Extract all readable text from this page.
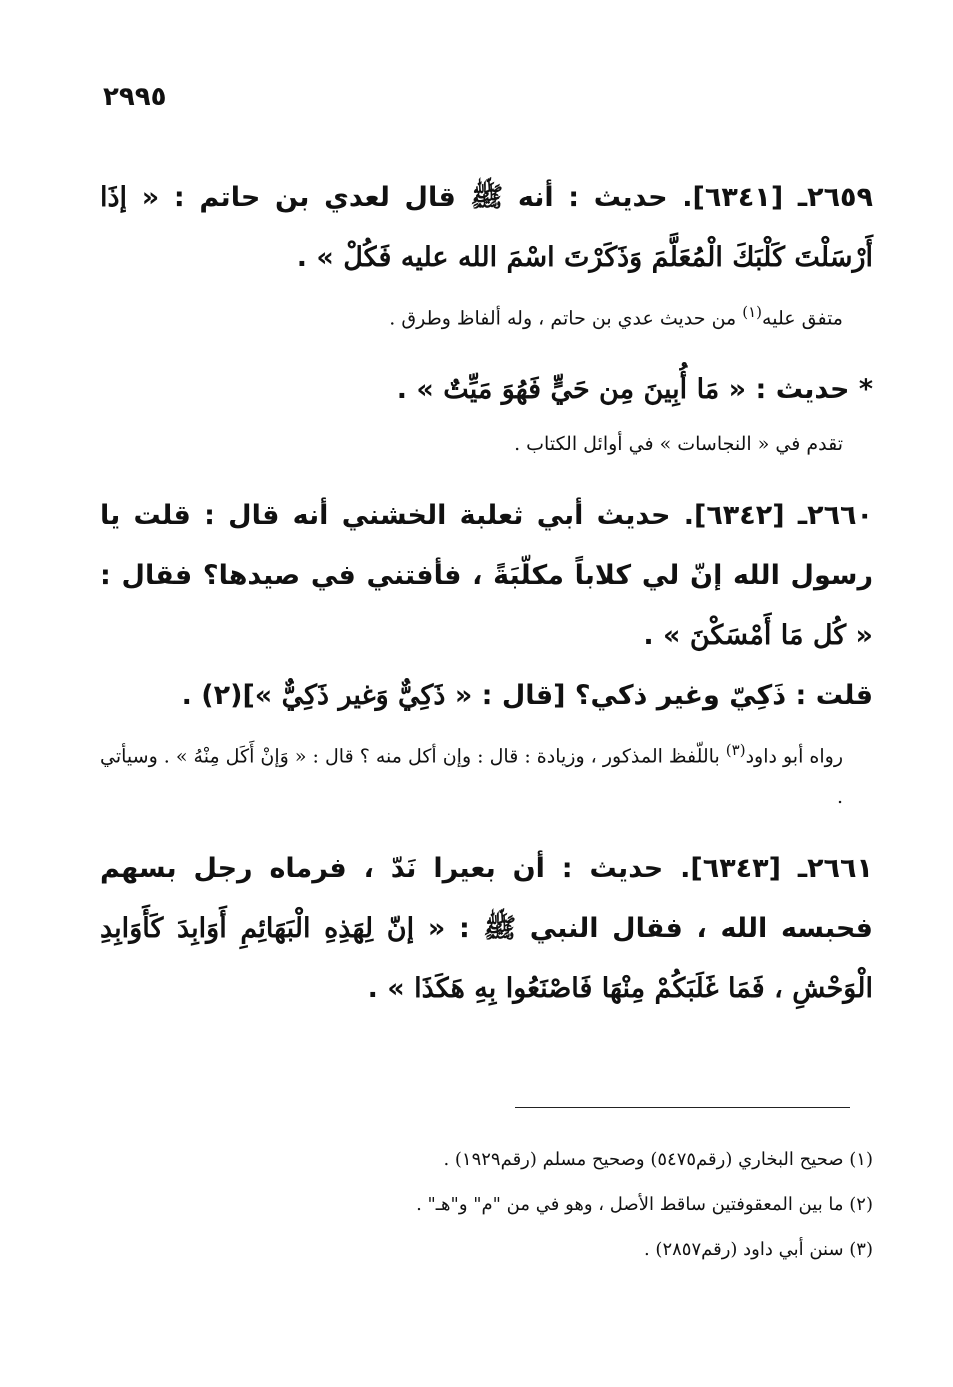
٢٩٩٥

٢٦٥٩ـ [٦٣٤١]. حديث : أنه ﷺ قال لعدي بن حاتم : « إذَا أَرْسَلْتَ كَلْبَكَ الْمُعَلَّمَ وَذَكَرْتَ اسْمَ الله عليه فَكُلْ » .

متفق عليه$^{(١)}$ من حديث عدي بن حاتم ، وله ألفاظ وطرق .

* حديث : « مَا أُبِينَ مِن حَيٍّ فَهُوَ مَيِّتٌ » .

تقدم في « النجاسات » في أوائل الكتاب .

٢٦٦٠ـ [٦٣٤٢]. حديث أبي ثعلبة الخشني أنه قال : قلت يا رسول الله إنّ لي كلاباً مكلّبَةً ، فأفتني في صيدها؟ فقال : « كُل مَا أَمْسَكْنَ » .

قلت : ذَكِيّ وغير ذكي؟ [قال : « ذَكِيٌّ وَغير ذَكِيٌّ »](٢) .

رواه أبو داود$^{(٣)}$ باللّفظ المذكور ، وزيادة : قال : وإن أكل منه ؟ قال : « وَإنْ أَكَل مِنْهُ » . وسيأتي .

٢٦٦١ـ [٦٣٤٣]. حديث : أن بعيرا نَدّ ، فرماه رجل بسهم فحبسه الله ، فقال النبي ﷺ : « إنّ لِهَذِهِ الْبَهَائِمِ أَوَابِدَ كَأَوَابِدِ الْوَحْشِ ، فَمَا غَلَبَكُمْ مِنْهَا فَاصْنَعُوا بِهِ هَكَذَا » .

(١) صحيح البخاري (رقم٥٤٧٥) وصحيح مسلم (رقم١٩٢٩) .
(٢) ما بين المعقوفتين ساقط الأصل ، وهو في من "م" و"هـ" .
(٣) سنن أبي داود (رقم٢٨٥٧) .
